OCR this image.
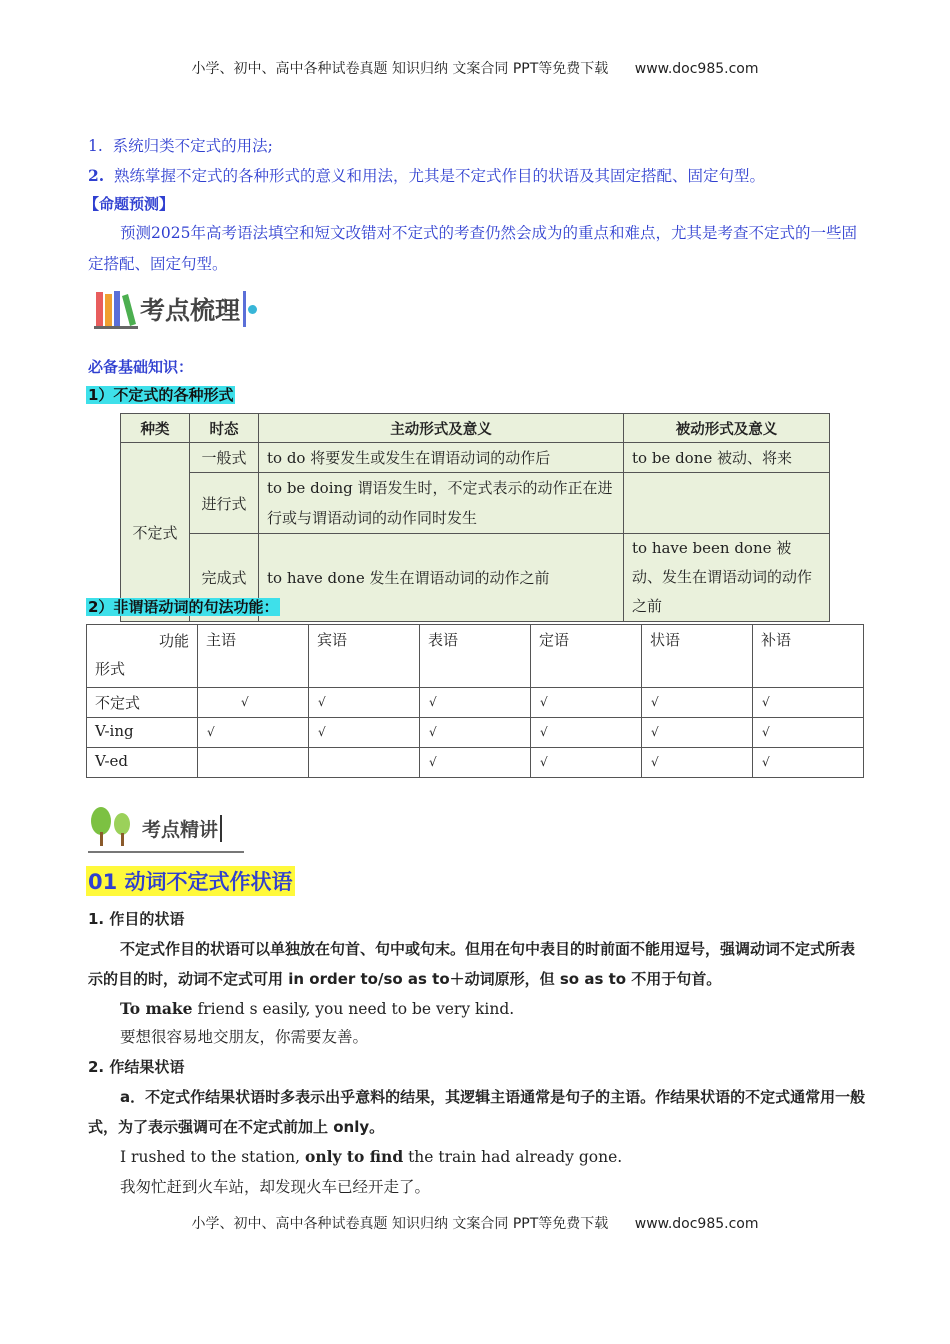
小学、初中、高中各种试卷真题 知识归纳 文案合同 PPT等免费下载 www.doc985.com
1. 系统归类不定式的用法;
2. 熟练掌握不定式的各种形式的意义和用法，尤其是不定式作目的状语及其固定搭配、固定句型。
【命题预测】
预测2025年高考语法填空和短文改错对不定式的考查仍然会成为的重点和难点，尤其是考查不定式的一些固定搭配、固定句型。
考点梳理
必备基础知识：
1）不定式的各种形式
种类	时态	主动形式及意义	被动形式及意义
不定式	一般式	to do 将要发生或发生在谓语动词的动作后	to be done 被动、将来
	进行式	to be doing 谓语发生时，不定式表示的动作正在进行或与谓语动词的动作同时发生	
	完成式	to have done 发生在谓语动词的动作之前	to have been done 被动、发生在谓语动词的动作之前
2）非谓语动词的句法功能：
功能
形式	主语	宾语	表语	定语	状语	补语
不定式	√	√	√	√	√	√
V-ing	√	√	√	√	√	√
V-ed			√	√	√	√
考点精讲
01 动词不定式作状语
1. 作目的状语
不定式作目的状语可以单独放在句首、句中或句末。但用在句中表目的时前面不能用逗号，强调动词不定式所表示的目的时，动词不定式可用 in order to/so as to＋动词原形，但 so as to 不用于句首。
To make friend s easily, you need to be very kind.
要想很容易地交朋友，你需要友善。
2. 作结果状语
a．不定式作结果状语时多表示出乎意料的结果，其逻辑主语通常是句子的主语。作结果状语的不定式通常用一般式，为了表示强调可在不定式前加上 only。
I rushed to the station, only to find the train had already gone.
我匆忙赶到火车站，却发现火车已经开走了。
小学、初中、高中各种试卷真题 知识归纳 文案合同 PPT等免费下载 www.doc985.com
